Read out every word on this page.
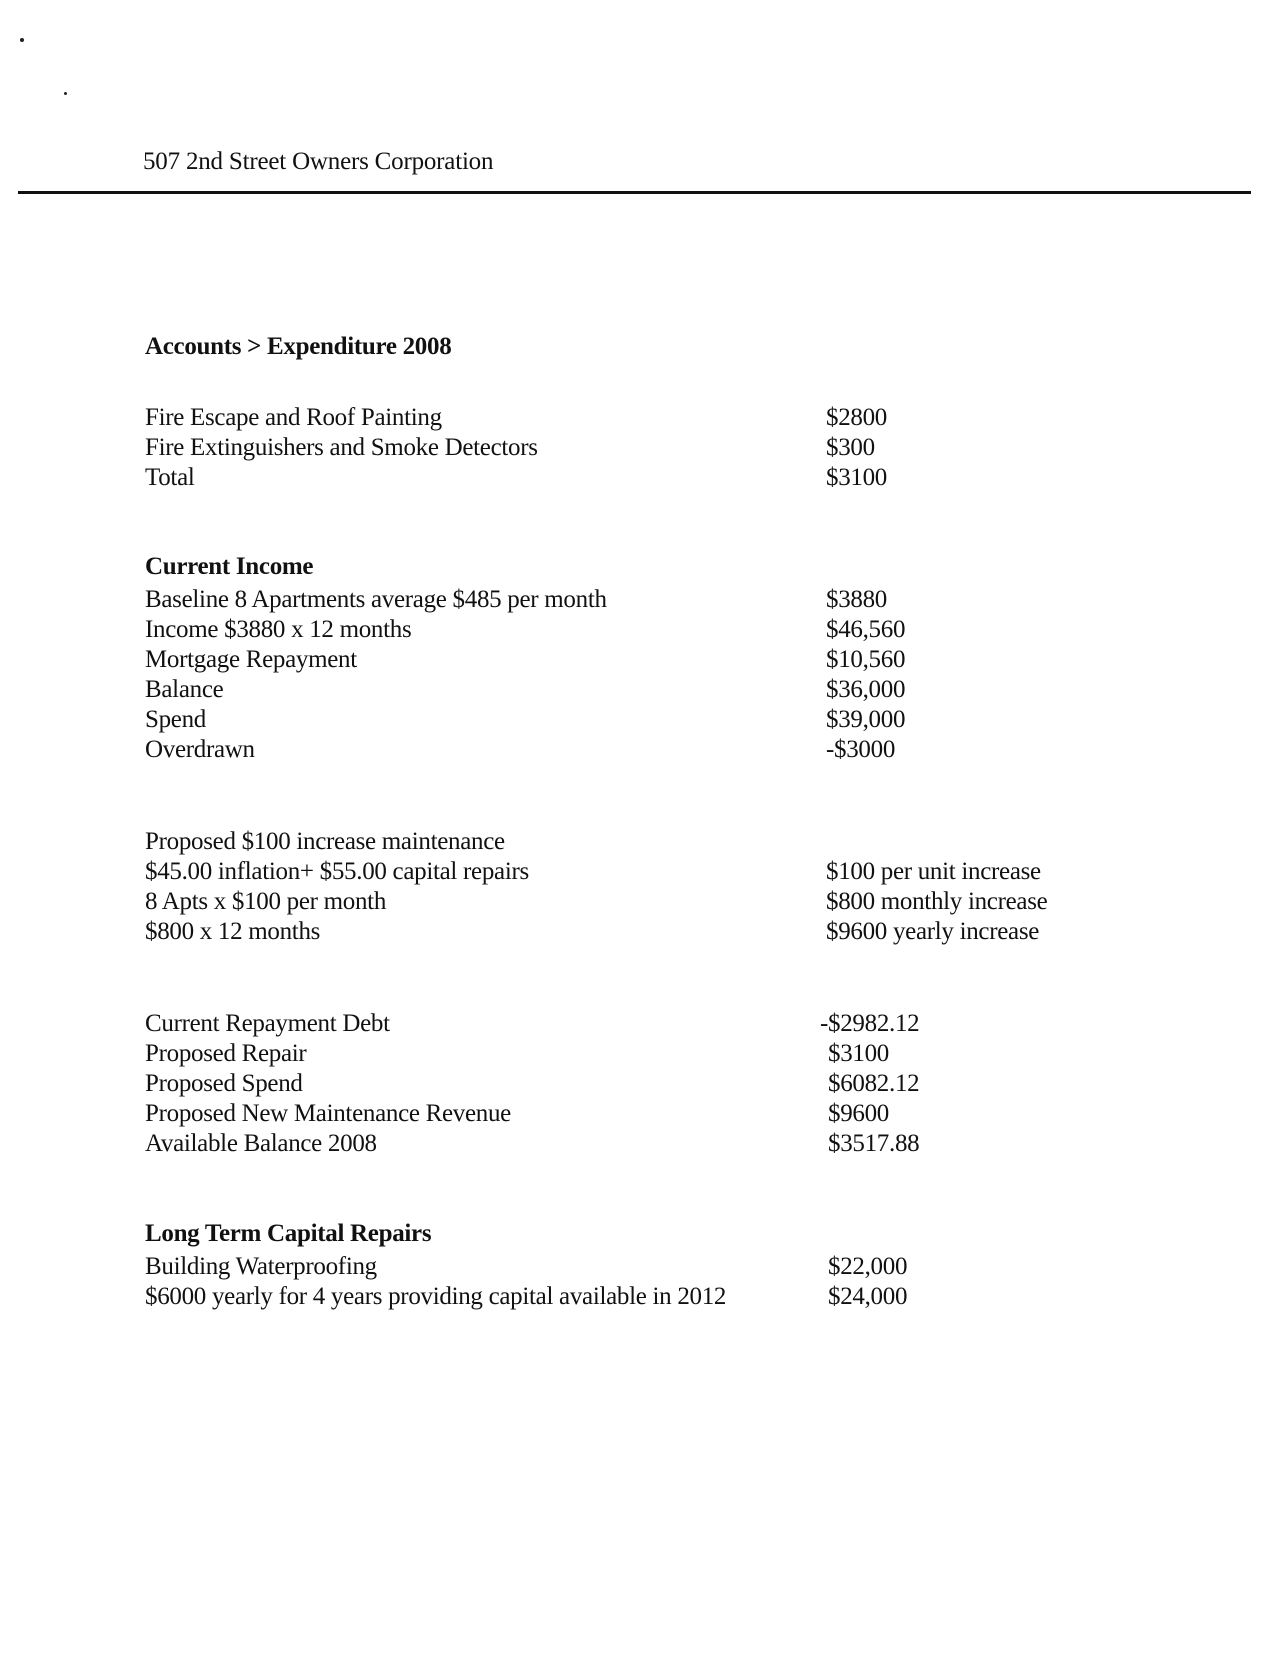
507 2nd Street Owners Corporation
Accounts > Expenditure 2008
Fire Escape and Roof Painting	$2800
Fire Extinguishers and Smoke Detectors	$300
Total	$3100
Current Income
Baseline 8 Apartments average $485 per month	$3880
Income $3880 x 12 months	$46,560
Mortgage Repayment	$10,560
Balance	$36,000
Spend	$39,000
Overdrawn	-$3000
Proposed $100 increase maintenance
$45.00 inflation+ $55.00 capital repairs	$100 per unit increase
8 Apts x $100 per month	$800 monthly increase
$800 x 12 months	$9600 yearly increase
Current Repayment Debt	-$2982.12
Proposed Repair	$3100
Proposed Spend	$6082.12
Proposed New Maintenance Revenue	$9600
Available Balance 2008	$3517.88
Long Term Capital Repairs
Building Waterproofing	$22,000
$6000 yearly for 4 years providing capital available in 2012	$24,000
